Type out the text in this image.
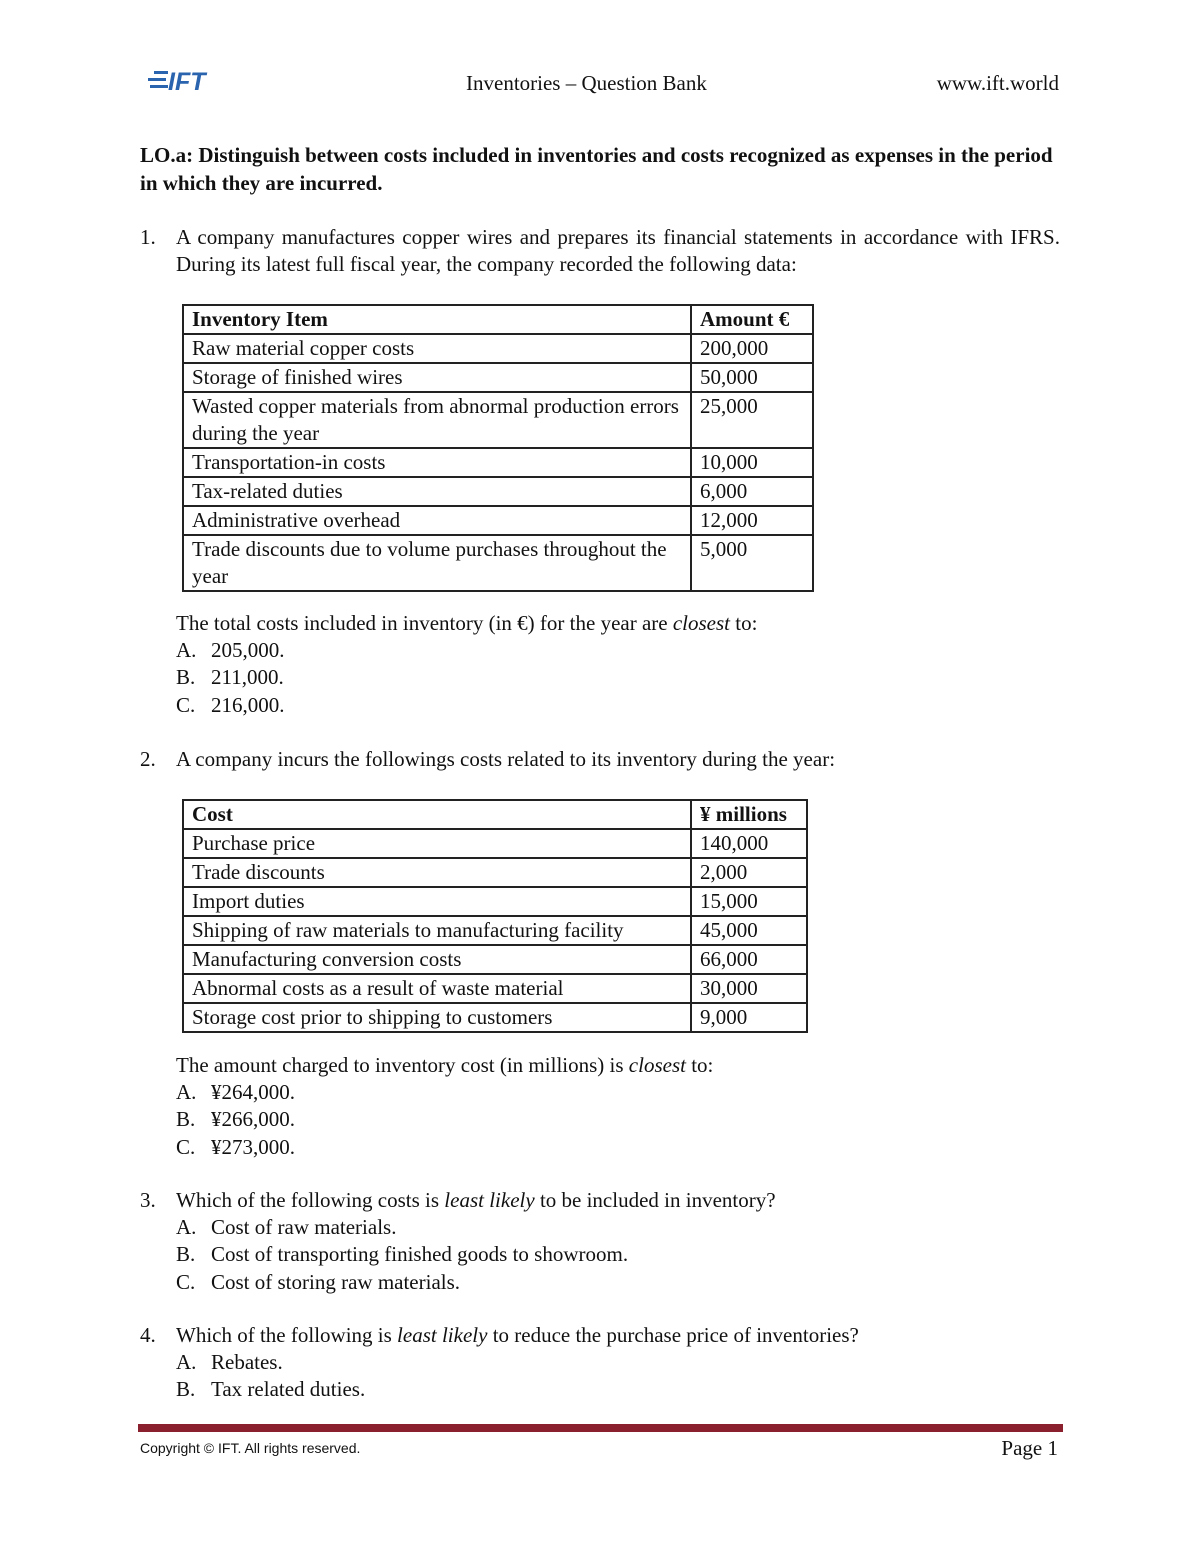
IFT	Inventories – Question Bank	www.ift.world
LO.a: Distinguish between costs included in inventories and costs recognized as expenses in the period in which they are incurred.
1. A company manufactures copper wires and prepares its financial statements in accordance with IFRS. During its latest full fiscal year, the company recorded the following data:
Inventory Item	Amount €
Raw material copper costs	200,000
Storage of finished wires	50,000
Wasted copper materials from abnormal production errors during the year	25,000
Transportation-in costs	10,000
Tax-related duties	6,000
Administrative overhead	12,000
Trade discounts due to volume purchases throughout the year	5,000
The total costs included in inventory (in €) for the year are closest to:
A. 205,000.
B. 211,000.
C. 216,000.
2. A company incurs the followings costs related to its inventory during the year:
Cost	¥ millions
Purchase price	140,000
Trade discounts	2,000
Import duties	15,000
Shipping of raw materials to manufacturing facility	45,000
Manufacturing conversion costs	66,000
Abnormal costs as a result of waste material	30,000
Storage cost prior to shipping to customers	9,000
The amount charged to inventory cost (in millions) is closest to:
A. ¥264,000.
B. ¥266,000.
C. ¥273,000.
3. Which of the following costs is least likely to be included in inventory?
A. Cost of raw materials.
B. Cost of transporting finished goods to showroom.
C. Cost of storing raw materials.
4. Which of the following is least likely to reduce the purchase price of inventories?
A. Rebates.
B. Tax related duties.
Copyright © IFT. All rights reserved.	Page 1
